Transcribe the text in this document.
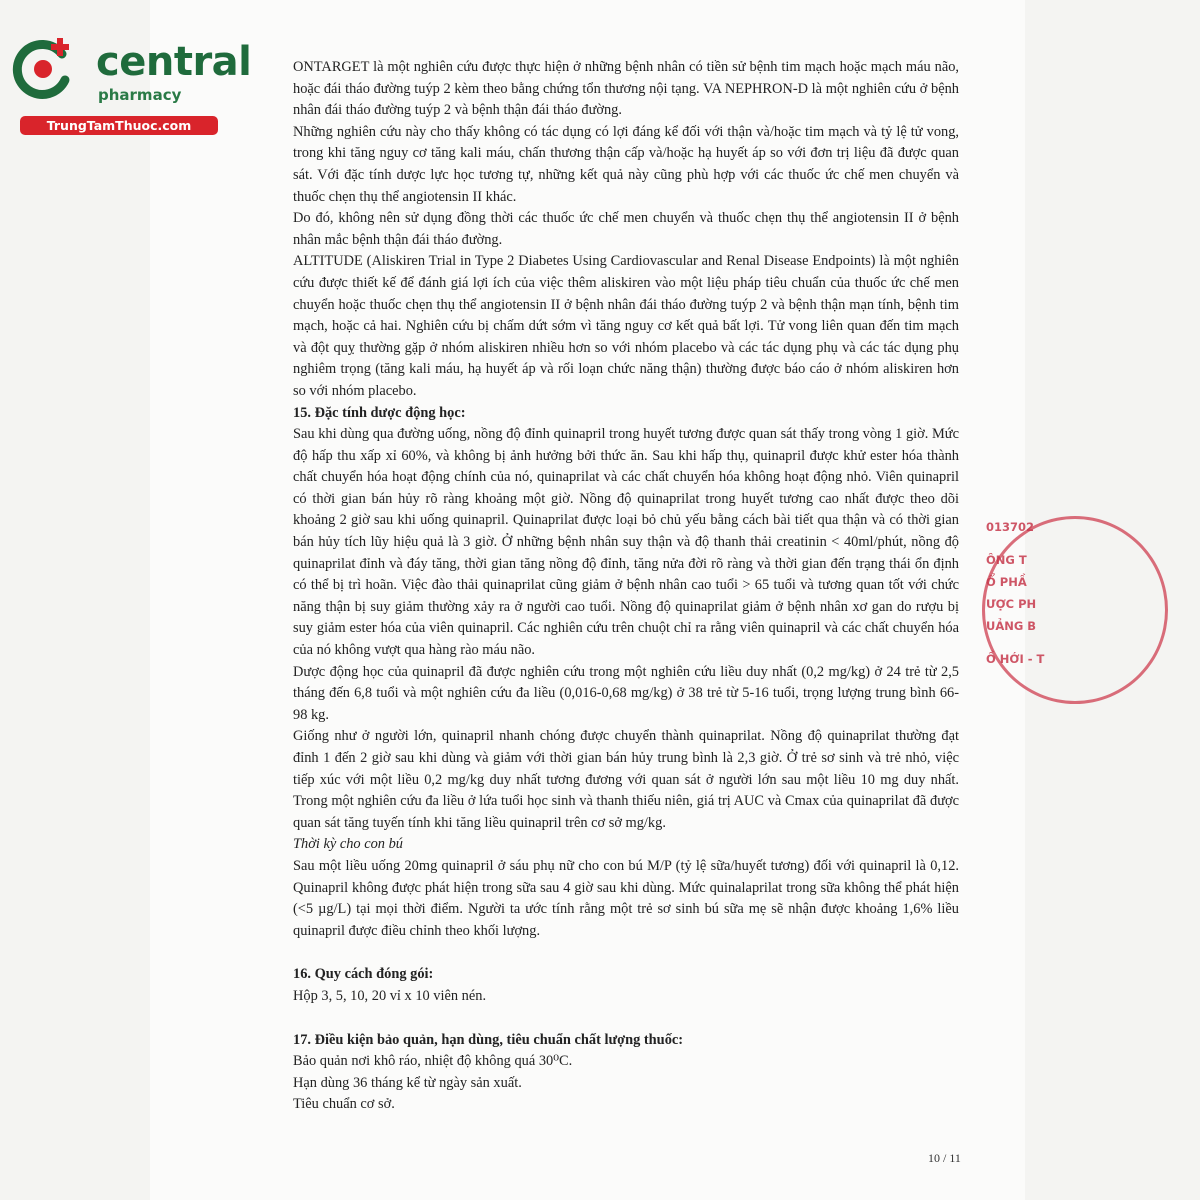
central
pharmacy
TrungTamThuoc.com

ONTARGET là một nghiên cứu được thực hiện ở những bệnh nhân có tiền sử bệnh tim mạch hoặc mạch máu não, hoặc đái tháo đường tuýp 2 kèm theo bằng chứng tổn thương nội tạng. VA NEPHRON-D là một nghiên cứu ở bệnh nhân đái tháo đường tuýp 2 và bệnh thận đái tháo đường.

Những nghiên cứu này cho thấy không có tác dụng có lợi đáng kể đối với thận và/hoặc tim mạch và tỷ lệ tử vong, trong khi tăng nguy cơ tăng kali máu, chấn thương thận cấp và/hoặc hạ huyết áp so với đơn trị liệu đã được quan sát. Với đặc tính dược lực học tương tự, những kết quả này cũng phù hợp với các thuốc ức chế men chuyển và thuốc chẹn thụ thể angiotensin II khác.

Do đó, không nên sử dụng đồng thời các thuốc ức chế men chuyển và thuốc chẹn thụ thể angiotensin II ở bệnh nhân mắc bệnh thận đái tháo đường.

ALTITUDE (Aliskiren Trial in Type 2 Diabetes Using Cardiovascular and Renal Disease Endpoints) là một nghiên cứu được thiết kế để đánh giá lợi ích của việc thêm aliskiren vào một liệu pháp tiêu chuẩn của thuốc ức chế men chuyển hoặc thuốc chẹn thụ thể angiotensin II ở bệnh nhân đái tháo đường tuýp 2 và bệnh thận mạn tính, bệnh tim mạch, hoặc cả hai. Nghiên cứu bị chấm dứt sớm vì tăng nguy cơ kết quả bất lợi. Tử vong liên quan đến tim mạch và đột quỵ thường gặp ở nhóm aliskiren nhiều hơn so với nhóm placebo và các tác dụng phụ và các tác dụng phụ nghiêm trọng (tăng kali máu, hạ huyết áp và rối loạn chức năng thận) thường được báo cáo ở nhóm aliskiren hơn so với nhóm placebo.

15. Đặc tính dược động học:

Sau khi dùng qua đường uống, nồng độ đỉnh quinapril trong huyết tương được quan sát thấy trong vòng 1 giờ. Mức độ hấp thu xấp xỉ 60%, và không bị ảnh hưởng bởi thức ăn. Sau khi hấp thụ, quinapril được khử ester hóa thành chất chuyển hóa hoạt động chính của nó, quinaprilat và các chất chuyển hóa không hoạt động nhỏ. Viên quinapril có thời gian bán hủy rõ ràng khoảng một giờ. Nồng độ quinaprilat trong huyết tương cao nhất được theo dõi khoảng 2 giờ sau khi uống quinapril. Quinaprilat được loại bỏ chủ yếu bằng cách bài tiết qua thận và có thời gian bán hủy tích lũy hiệu quả là 3 giờ. Ở những bệnh nhân suy thận và độ thanh thải creatinin < 40ml/phút, nồng độ quinaprilat đỉnh và đáy tăng, thời gian tăng nồng độ đỉnh, tăng nửa đời rõ ràng và thời gian đến trạng thái ổn định có thể bị trì hoãn. Việc đào thải quinaprilat cũng giảm ở bệnh nhân cao tuổi > 65 tuổi và tương quan tốt với chức năng thận bị suy giảm thường xảy ra ở người cao tuổi. Nồng độ quinaprilat giảm ở bệnh nhân xơ gan do rượu bị suy giảm ester hóa của viên quinapril. Các nghiên cứu trên chuột chỉ ra rằng viên quinapril và các chất chuyển hóa của nó không vượt qua hàng rào máu não.

Dược động học của quinapril đã được nghiên cứu trong một nghiên cứu liều duy nhất (0,2 mg/kg) ở 24 trẻ từ 2,5 tháng đến 6,8 tuổi và một nghiên cứu đa liều (0,016-0,68 mg/kg) ở 38 trẻ từ 5-16 tuổi, trọng lượng trung bình 66-98 kg.

Giống như ở người lớn, quinapril nhanh chóng được chuyển thành quinaprilat. Nồng độ quinaprilat thường đạt đỉnh 1 đến 2 giờ sau khi dùng và giảm với thời gian bán hủy trung bình là 2,3 giờ. Ở trẻ sơ sinh và trẻ nhỏ, việc tiếp xúc với một liều 0,2 mg/kg duy nhất tương đương với quan sát ở người lớn sau một liều 10 mg duy nhất. Trong một nghiên cứu đa liều ở lứa tuổi học sinh và thanh thiếu niên, giá trị AUC và Cmax của quinaprilat đã được quan sát tăng tuyến tính khi tăng liều quinapril trên cơ sở mg/kg.

Thời kỳ cho con bú

Sau một liều uống 20mg quinapril ở sáu phụ nữ cho con bú M/P (tỷ lệ sữa/huyết tương) đối với quinapril là 0,12. Quinapril không được phát hiện trong sữa sau 4 giờ sau khi dùng. Mức quinalaprilat trong sữa không thể phát hiện (<5 µg/L) tại mọi thời điểm. Người ta ước tính rằng một trẻ sơ sinh bú sữa mẹ sẽ nhận được khoảng 1,6% liều quinapril được điều chỉnh theo khối lượng.

16. Quy cách đóng gói:

Hộp 3, 5, 10, 20 vỉ x 10 viên nén.

17. Điều kiện bảo quản, hạn dùng, tiêu chuẩn chất lượng thuốc:

Bảo quản nơi khô ráo, nhiệt độ không quá 30⁰C.

Hạn dùng 36 tháng kể từ ngày sản xuất.

Tiêu chuẩn cơ sở.

013702
ÔNG T
Ổ PHẦ
ƯỢC PH
UẢNG B
Ồ HỚI - T
10 / 11
